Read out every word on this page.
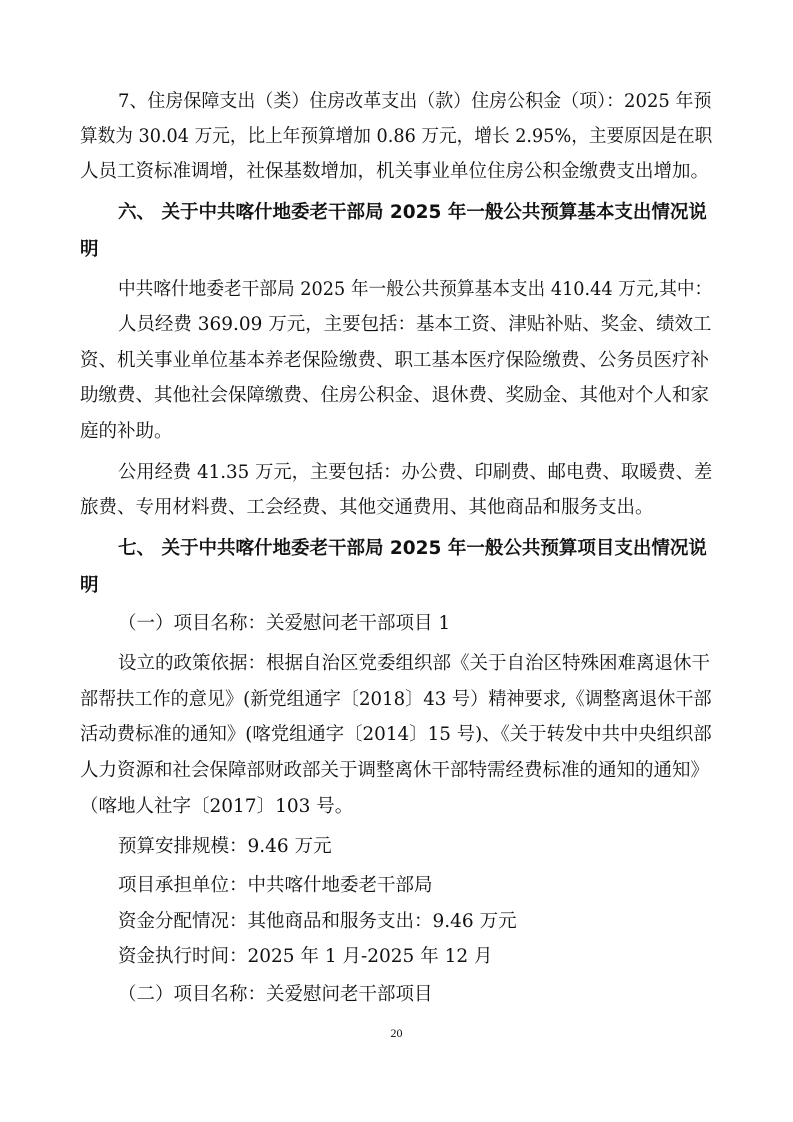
7、住房保障支出（类）住房改革支出（款）住房公积金（项）：2025 年预
算数为 30.04 万元，比上年预算增加 0.86 万元，增长 2.95%，主要原因是在职
人员工资标准调增，社保基数增加，机关事业单位住房公积金缴费支出增加。
六、 关于中共喀什地委老干部局 2025 年一般公共预算基本支出情况说
明
中共喀什地委老干部局 2025 年一般公共预算基本支出 410.44 万元,其中：
人员经费 369.09 万元，主要包括：基本工资、津贴补贴、奖金、绩效工
资、机关事业单位基本养老保险缴费、职工基本医疗保险缴费、公务员医疗补
助缴费、其他社会保障缴费、住房公积金、退休费、奖励金、其他对个人和家
庭的补助。
公用经费 41.35 万元，主要包括：办公费、印刷费、邮电费、取暖费、差
旅费、专用材料费、工会经费、其他交通费用、其他商品和服务支出。
七、 关于中共喀什地委老干部局 2025 年一般公共预算项目支出情况说
明
（一）项目名称：关爱慰问老干部项目 1
设立的政策依据：根据自治区党委组织部《关于自治区特殊困难离退休干
部帮扶工作的意见》(新党组通字〔2018〕43 号）精神要求,《调整离退休干部
活动费标准的通知》(喀党组通字〔2014〕15 号)、《关于转发中共中央组织部
人力资源和社会保障部财政部关于调整离休干部特需经费标准的通知的通知》
（喀地人社字〔2017〕103 号。
预算安排规模：9.46 万元
项目承担单位：中共喀什地委老干部局
资金分配情况：其他商品和服务支出：9.46 万元
资金执行时间：2025 年 1 月-2025 年 12 月
（二）项目名称：关爱慰问老干部项目
20
